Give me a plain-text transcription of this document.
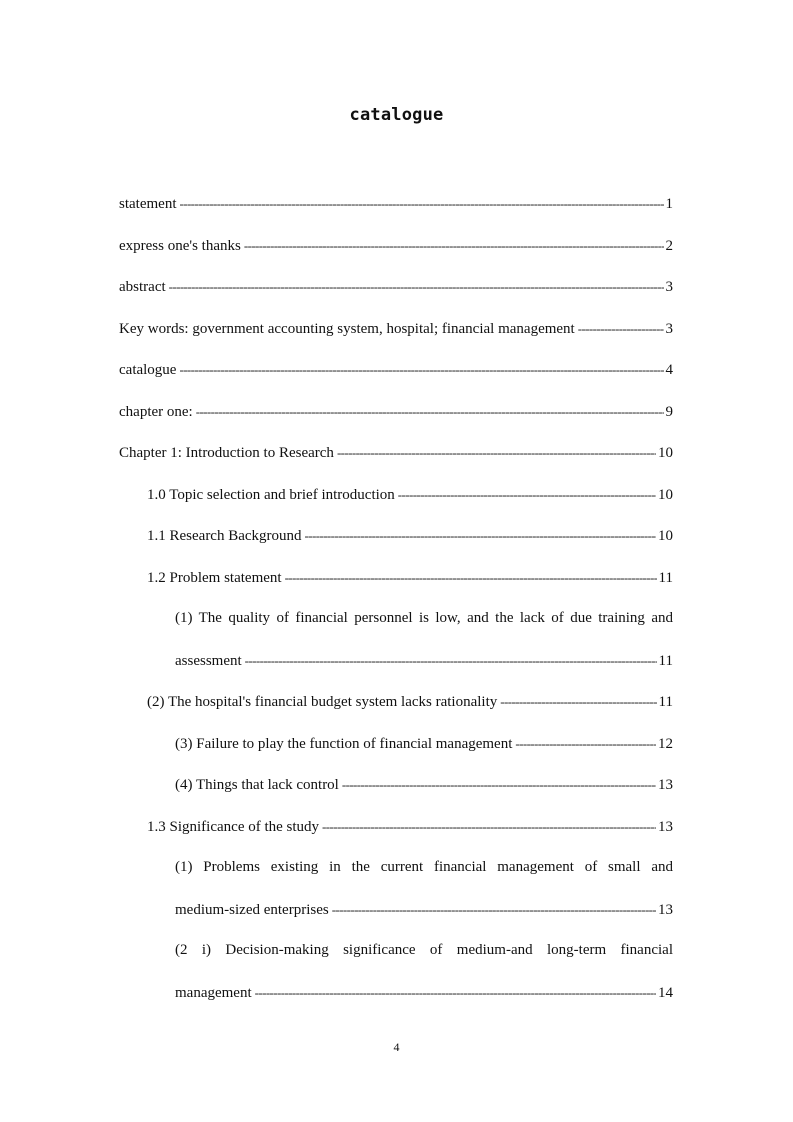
catalogue
statement -----	1
express one's thanks -----	2
abstract -----	3
Key words: government accounting system, hospital; financial management -----	3
catalogue -----	4
chapter one: -----	9
Chapter 1: Introduction to Research -----	10
1.0 Topic selection and brief introduction -----	10
1.1 Research Background -----	10
1.2 Problem statement -----	11
(1) The quality of financial personnel is low, and the lack of due training and
assessment -----	11
(2) The hospital's financial budget system lacks rationality -----	11
(3) Failure to play the function of financial management -----	12
(4) Things that lack control -----	13
1.3 Significance of the study -----	13
(1) Problems existing in the current financial management of small and
medium-sized enterprises -----	13
(2 i) Decision-making significance of medium-and long-term financial
management -----	14
4
